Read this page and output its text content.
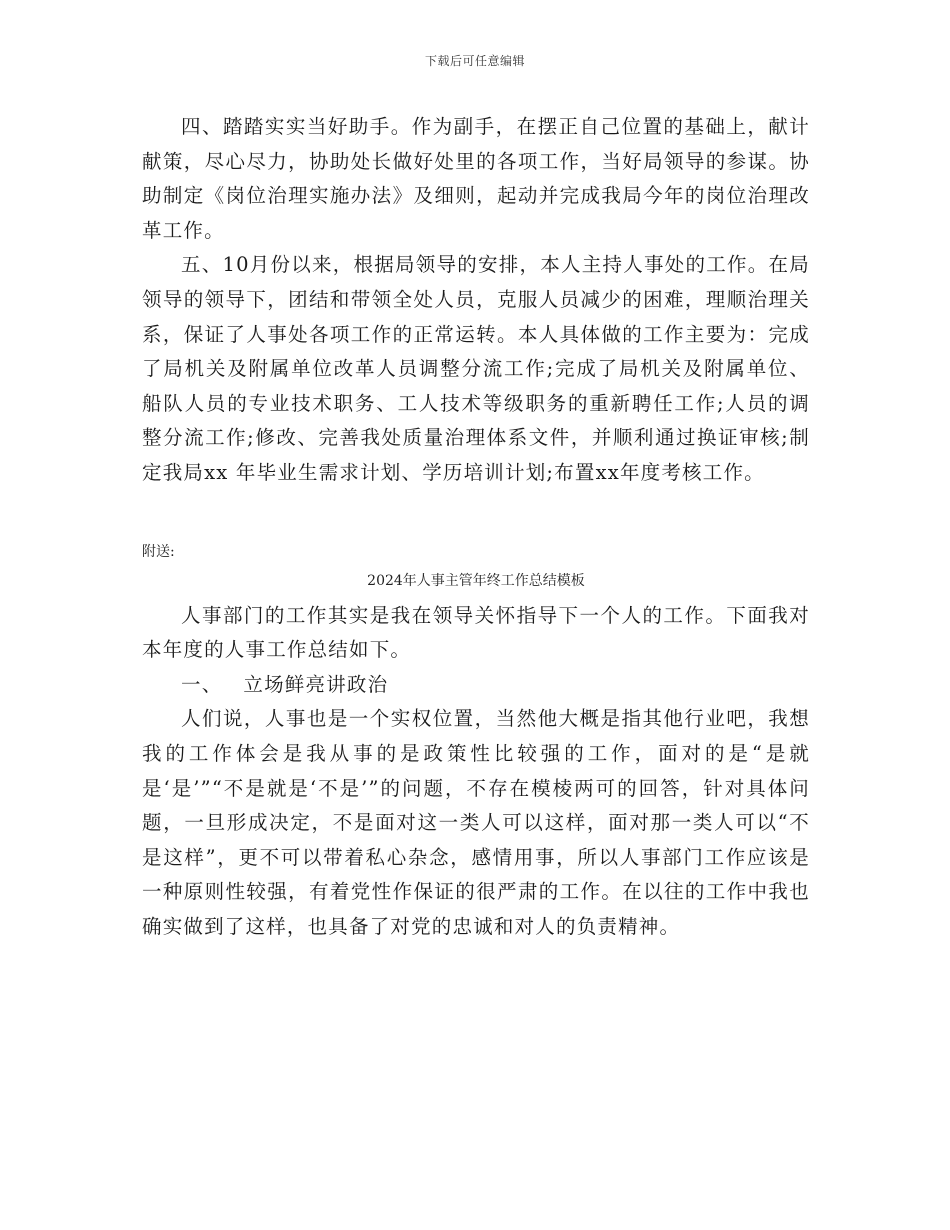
下载后可任意编辑

四、踏踏实实当好助手。作为副手，在摆正自己位置的基础上，献计献策，尽心尽力，协助处长做好处里的各项工作，当好局领导的参谋。协助制定《岗位治理实施办法》及细则，起动并完成我局今年的岗位治理改革工作。

五、10月份以来，根据局领导的安排，本人主持人事处的工作。在局领导的领导下，团结和带领全处人员，克服人员减少的困难，理顺治理关系，保证了人事处各项工作的正常运转。本人具体做的工作主要为：完成了局机关及附属单位改革人员调整分流工作;完成了局机关及附属单位、船队人员的专业技术职务、工人技术等级职务的重新聘任工作;人员的调整分流工作;修改、完善我处质量治理体系文件，并顺利通过换证审核;制定我局xx 年毕业生需求计划、学历培训计划;布置xx年度考核工作。

附送:

2024年人事主管年终工作总结模板

人事部门的工作其实是我在领导关怀指导下一个人的工作。下面我对本年度的人事工作总结如下。

一、 立场鲜亮讲政治

人们说，人事也是一个实权位置，当然他大概是指其他行业吧，我想我的工作体会是我从事的是政策性比较强的工作，面对的是“是就是‘是’”“不是就是‘不是’”的问题，不存在模棱两可的回答，针对具体问题，一旦形成决定，不是面对这一类人可以这样，面对那一类人可以“不是这样”，更不可以带着私心杂念，感情用事，所以人事部门工作应该是一种原则性较强，有着党性作保证的很严肃的工作。在以往的工作中我也确实做到了这样，也具备了对党的忠诚和对人的负责精神。
